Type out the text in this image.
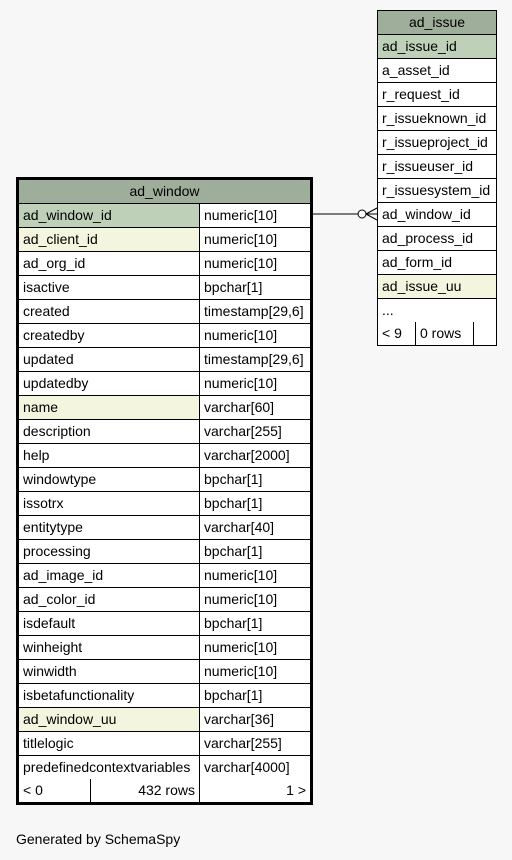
ad_window
ad_window_id	numeric[10]
ad_client_id	numeric[10]
ad_org_id	numeric[10]
isactive	bpchar[1]
created	timestamp[29,6]
createdby	numeric[10]
updated	timestamp[29,6]
updatedby	numeric[10]
name	varchar[60]
description	varchar[255]
help	varchar[2000]
windowtype	bpchar[1]
issotrx	bpchar[1]
entitytype	varchar[40]
processing	bpchar[1]
ad_image_id	numeric[10]
ad_color_id	numeric[10]
isdefault	bpchar[1]
winheight	numeric[10]
winwidth	numeric[10]
isbetafunctionality	bpchar[1]
ad_window_uu	varchar[36]
titlelogic	varchar[255]
predefinedcontextvariables varchar[4000]
< 0	432 rows	1 >
ad_issue
ad_issue_id
a_asset_id
r_request_id
r_issueknown_id
r_issueproject_id
r_issueuser_id
r_issuesystem_id
ad_window_id
ad_process_id
ad_form_id
ad_issue_uu
...
< 9	0 rows
Generated by SchemaSpy
